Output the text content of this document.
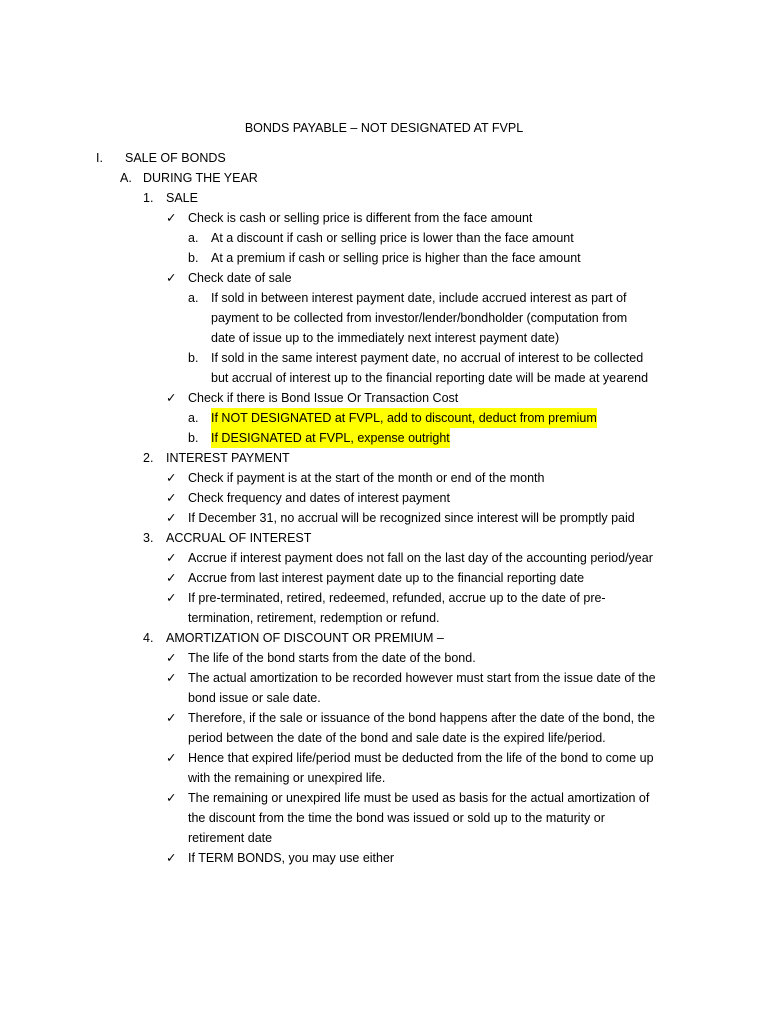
BONDS PAYABLE – NOT DESIGNATED AT FVPL
I. SALE OF BONDS
A. DURING THE YEAR
1. SALE
✓ Check is cash or selling price is different from the face amount
a. At a discount if cash or selling price is lower than the face amount
b. At a premium if cash or selling price is higher than the face amount
✓ Check date of sale
a. If sold in between interest payment date, include accrued interest as part of
payment to be collected from investor/lender/bondholder (computation from
date of issue up to the immediately next interest payment date)
b. If sold in the same interest payment date, no accrual of interest to be collected
but accrual of interest up to the financial reporting date will be made at yearend
✓ Check if there is Bond Issue Or Transaction Cost
a. If NOT DESIGNATED at FVPL, add to discount, deduct from premium
b. If DESIGNATED at FVPL, expense outright
2. INTEREST PAYMENT
✓ Check if payment is at the start of the month or end of the month
✓ Check frequency and dates of interest payment
✓ If December 31, no accrual will be recognized since interest will be promptly paid
3. ACCRUAL OF INTEREST
✓ Accrue if interest payment does not fall on the last day of the accounting period/year
✓ Accrue from last interest payment date up to the financial reporting date
✓ If pre-terminated, retired, redeemed, refunded, accrue up to the date of pre-
termination, retirement, redemption or refund.
4. AMORTIZATION OF DISCOUNT OR PREMIUM –
✓ The life of the bond starts from the date of the bond.
✓ The actual amortization to be recorded however must start from the issue date of the
bond issue or sale date.
✓ Therefore, if the sale or issuance of the bond happens after the date of the bond, the
period between the date of the bond and sale date is the expired life/period.
✓ Hence that expired life/period must be deducted from the life of the bond to come up
with the remaining or unexpired life.
✓ The remaining or unexpired life must be used as basis for the actual amortization of
the discount from the time the bond was issued or sold up to the maturity or
retirement date
✓ If TERM BONDS, you may use either
